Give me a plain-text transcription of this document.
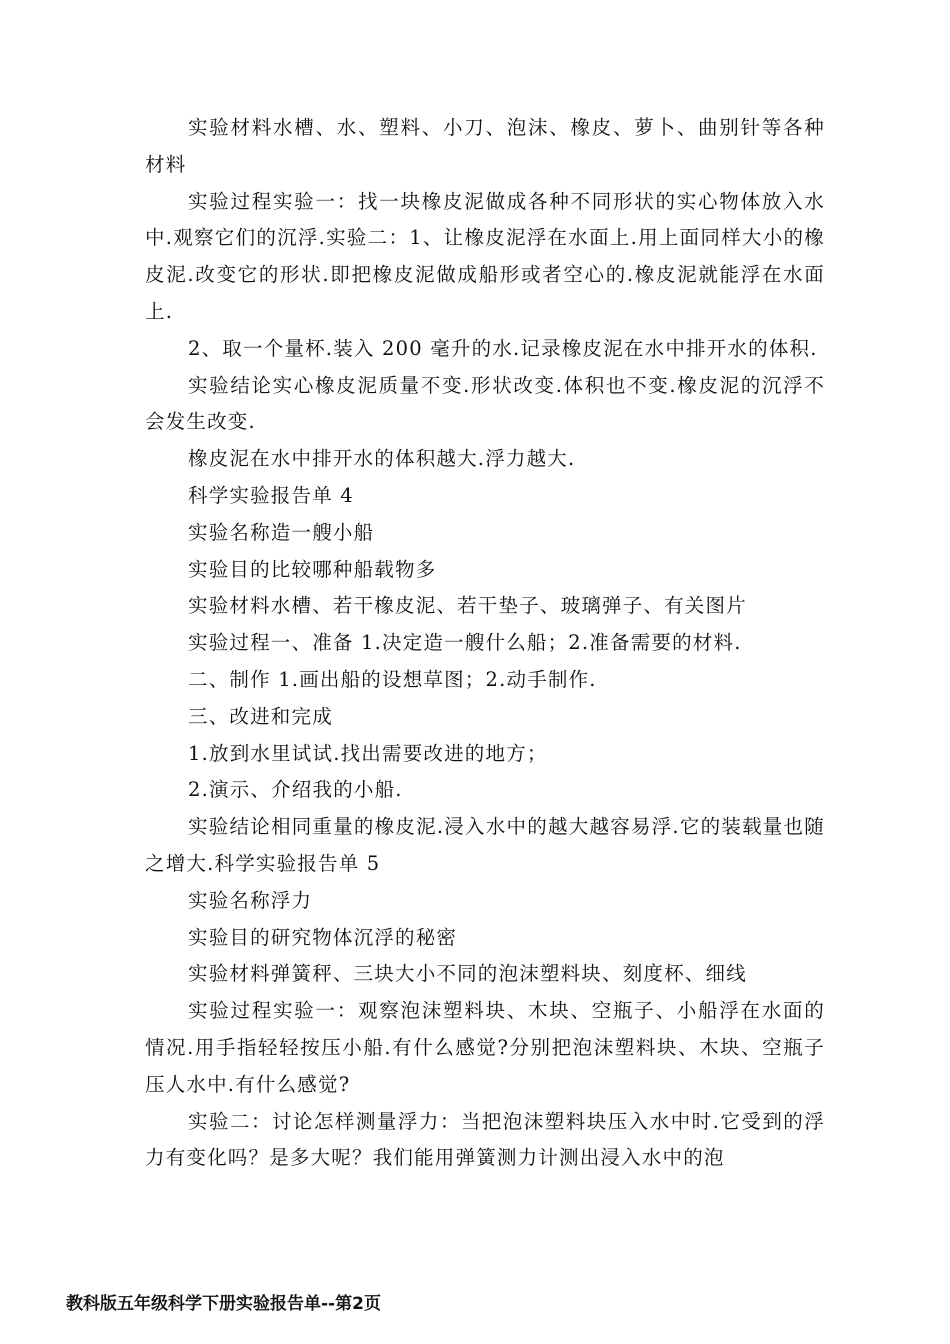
实验材料水槽、水、塑料、小刀、泡沫、橡皮、萝卜、曲别针等各种材料

实验过程实验一：找一块橡皮泥做成各种不同形状的实心物体放入水中.观察它们的沉浮.实验二：1、让橡皮泥浮在水面上.用上面同样大小的橡皮泥.改变它的形状.即把橡皮泥做成船形或者空心的.橡皮泥就能浮在水面上.

2、取一个量杯.装入 200 毫升的水.记录橡皮泥在水中排开水的体积.

实验结论实心橡皮泥质量不变.形状改变.体积也不变.橡皮泥的沉浮不会发生改变.

橡皮泥在水中排开水的体积越大.浮力越大.

科学实验报告单 4

实验名称造一艘小船

实验目的比较哪种船载物多

实验材料水槽、若干橡皮泥、若干垫子、玻璃弹子、有关图片

实验过程一、准备 1.决定造一艘什么船；2.准备需要的材料.

二、制作 1.画出船的设想草图；2.动手制作.

三、改进和完成

1.放到水里试试.找出需要改进的地方；

2.演示、介绍我的小船.

实验结论相同重量的橡皮泥.浸入水中的越大越容易浮.它的装载量也随之增大.科学实验报告单 5

实验名称浮力

实验目的研究物体沉浮的秘密

实验材料弹簧秤、三块大小不同的泡沫塑料块、刻度杯、细线

实验过程实验一：观察泡沫塑料块、木块、空瓶子、小船浮在水面的情况.用手指轻轻按压小船.有什么感觉?分别把泡沫塑料块、木块、空瓶子压人水中.有什么感觉?

实验二：讨论怎样测量浮力：当把泡沫塑料块压入水中时.它受到的浮力有变化吗？是多大呢？我们能用弹簧测力计测出浸入水中的泡

教科版五年级科学下册实验报告单--第2页
